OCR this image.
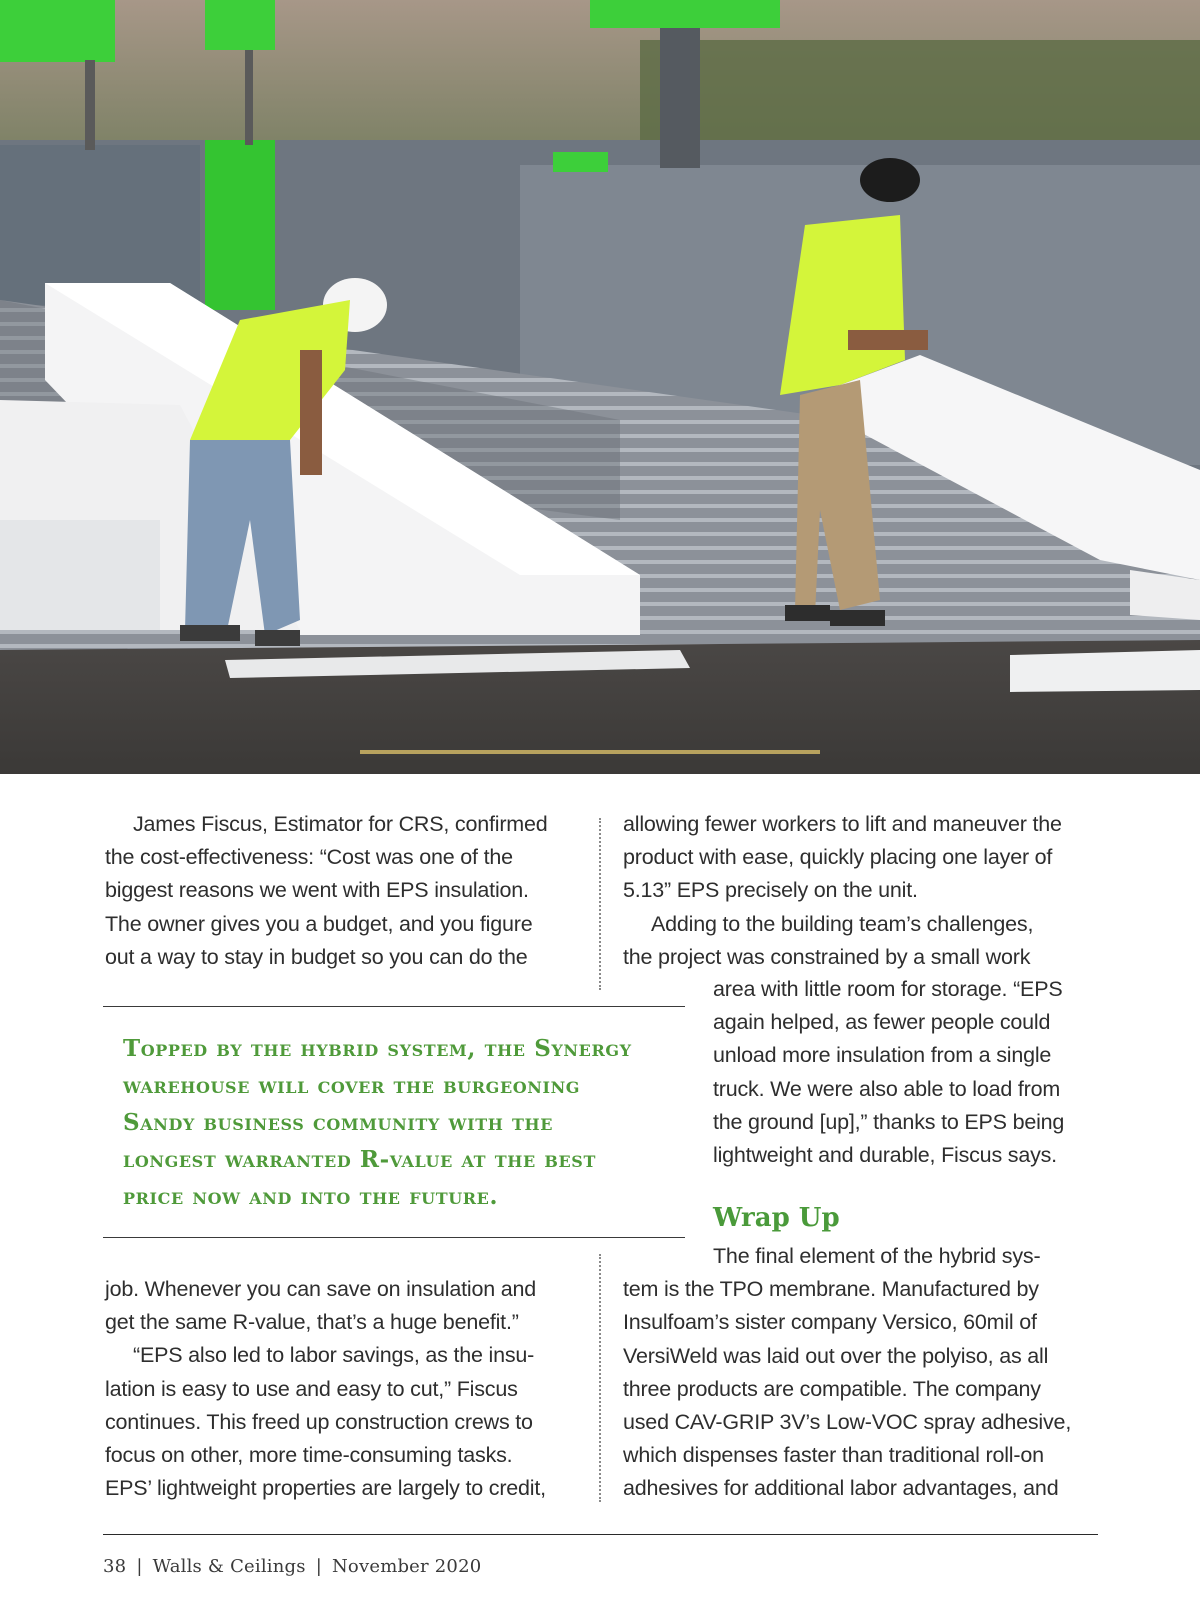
James Fiscus, Estimator for CRS, confirmed

the cost-effectiveness: “Cost was one of the
biggest reasons we went with EPS insulation.
The owner gives you a budget, and you figure
out a way to stay in budget so you can do the

Topped by the hybrid system, the Synergy
warehouse will cover the burgeoning
Sandy business community with the
longest warranted R-value at the best
price now and into the future.

job. Whenever you can save on insulation and
get the same R-value, that’s a huge benefit.”

“EPS also led to labor savings, as the insu-

lation is easy to use and easy to cut,” Fiscus
continues. This freed up construction crews to
focus on other, more time-consuming tasks.
EPS’ lightweight properties are largely to credit,

allowing fewer workers to lift and maneuver the
product with ease, quickly placing one layer of
5.13” EPS precisely on the unit.

Adding to the building team’s challenges,

the project was constrained by a small work

area with little room for storage. “EPS
again helped, as fewer people could
unload more insulation from a single
truck. We were also able to load from
the ground [up],” thanks to EPS being
lightweight and durable, Fiscus says.
Wrap Up
The final element of the hybrid sys-
tem is the TPO membrane. Manufactured by
Insulfoam’s sister company Versico, 60mil of
VersiWeld was laid out over the polyiso, as all
three products are compatible. The company
used CAV-GRIP 3V’s Low-VOC spray adhesive,
which dispenses faster than traditional roll-on
adhesives for additional labor advantages, and
38 | Walls & Ceilings | November 2020
